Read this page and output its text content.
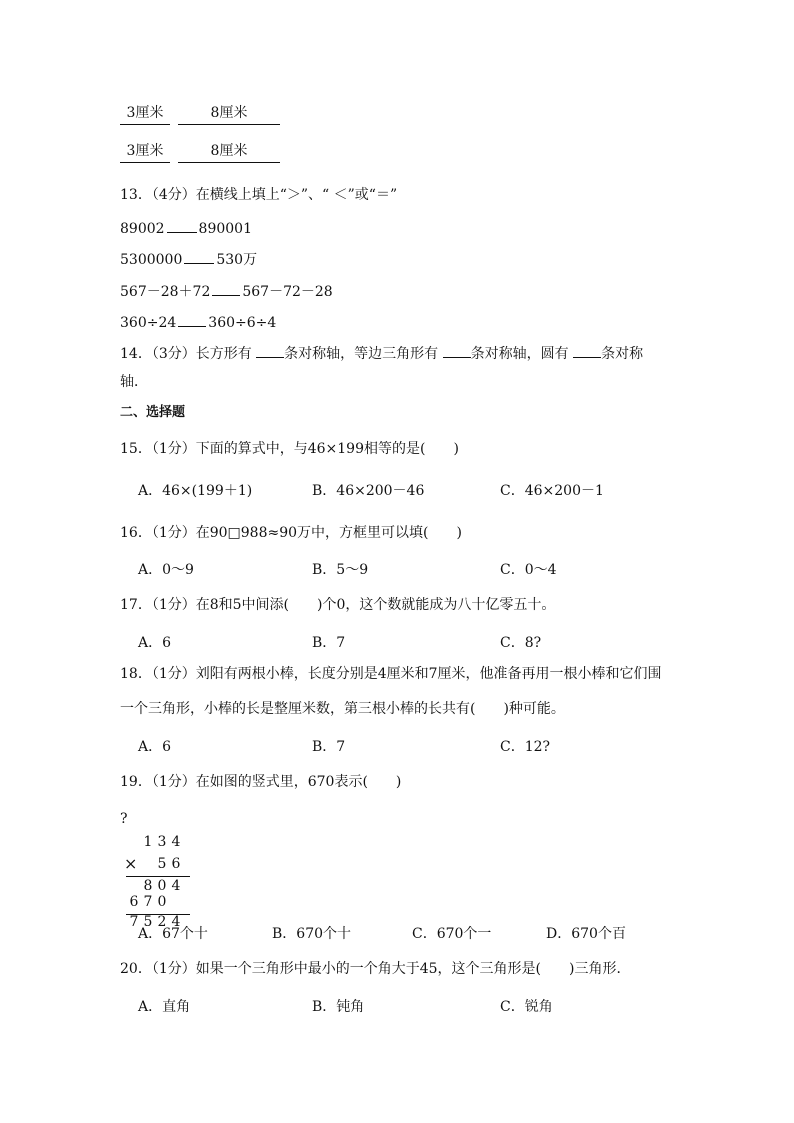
3厘米	8厘米
3厘米	8厘米
13．（4分）在横线上填上“＞”、“ ＜”或“＝”
89002 890001
5300000 530万
567－28＋72 567－72－28
360÷24 360÷6÷4
14．（3分）长方形有 条对称轴，等边三角形有 条对称轴，圆有 条对称
轴．
二、选择题
15．（1分）下面的算式中，与46×199相等的是(　　)
A．46×(199＋1)	B．46×200－46	C．46×200－1
16．（1分）在90□988≈90万中，方框里可以填(　　)
A．0～9	B．5～9	C．0～4
17．（1分）在8和5中间添(　　)个0，这个数就能成为八十亿零五十。
A．6	B．7	C．8?
18．（1分）刘阳有两根小棒，长度分别是4厘米和7厘米，他准备再用一根小棒和它们围
一个三角形，小棒的长是整厘米数，第三根小棒的长共有(　　)种可能。
A．6	B．7	C．12?
19．（1分）在如图的竖式里，670表示(　　)
?
1 3 4
× 5 6
8 0 4
6 7 0
7 5 2 4
A．67个十	B．670个十	C．670个一	D．670个百
20．（1分）如果一个三角形中最小的一个角大于45，这个三角形是(　　)三角形．
A．直角	B．钝角	C．锐角
